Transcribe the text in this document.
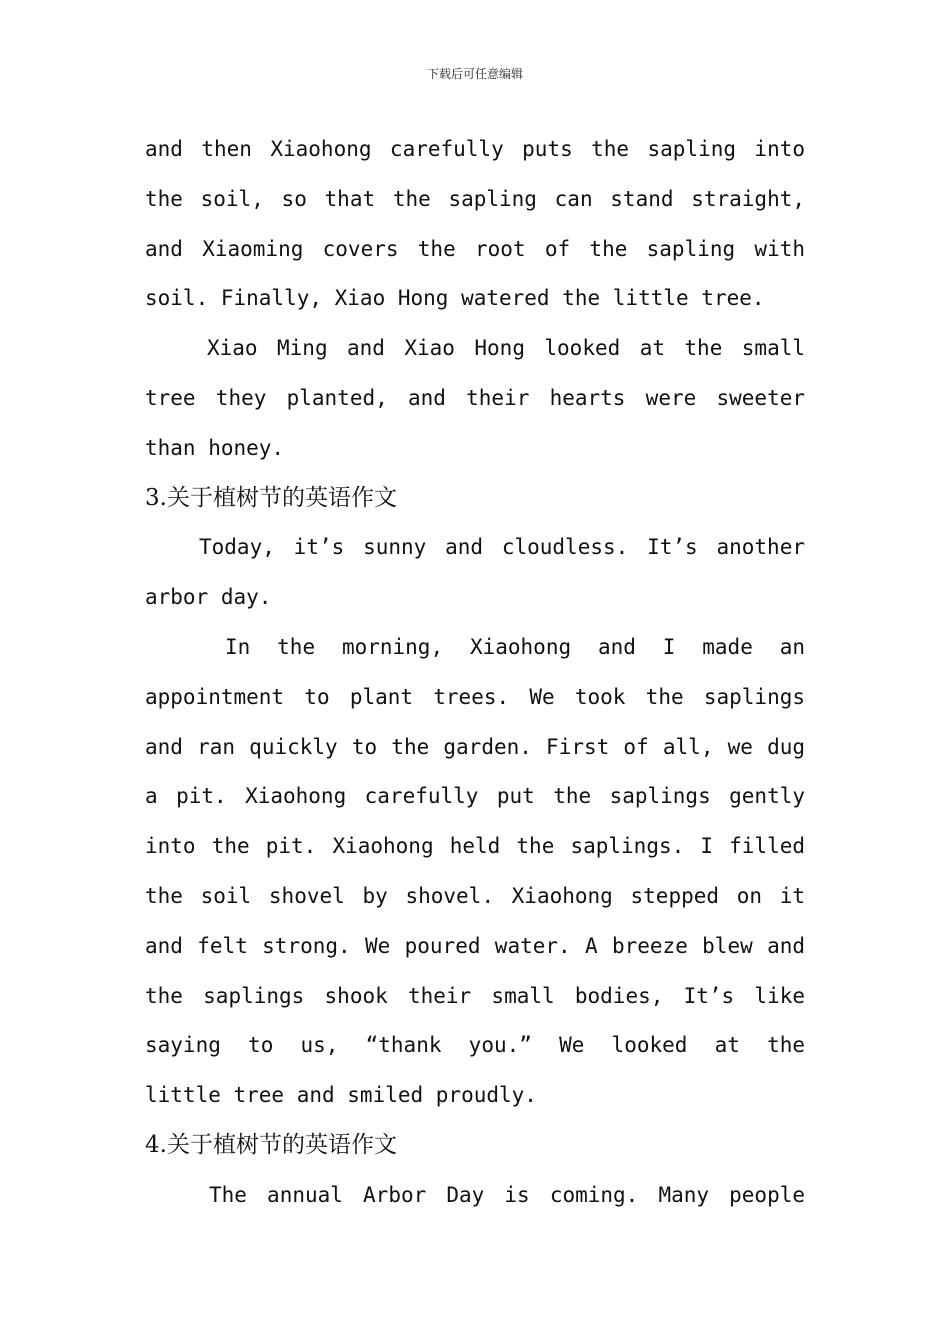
下载后可任意编辑
and then Xiaohong carefully puts the sapling into
the soil, so that the sapling can stand straight,
and Xiaoming covers the root of the sapling with
soil. Finally, Xiao Hong watered the little tree.
Xiao Ming and Xiao Hong looked at the small
tree they planted, and their hearts were sweeter
than honey.
3.关于植树节的英语作文
Today, it’s sunny and cloudless. It’s another
arbor day.
In the morning, Xiaohong and I made an
appointment to plant trees. We took the saplings
and ran quickly to the garden. First of all, we dug
a pit. Xiaohong carefully put the saplings gently
into the pit. Xiaohong held the saplings. I filled
the soil shovel by shovel. Xiaohong stepped on it
and felt strong. We poured water. A breeze blew and
the saplings shook their small bodies, It’s like
saying to us, “thank you.” We looked at the
little tree and smiled proudly.
4.关于植树节的英语作文
The annual Arbor Day is coming. Many people
